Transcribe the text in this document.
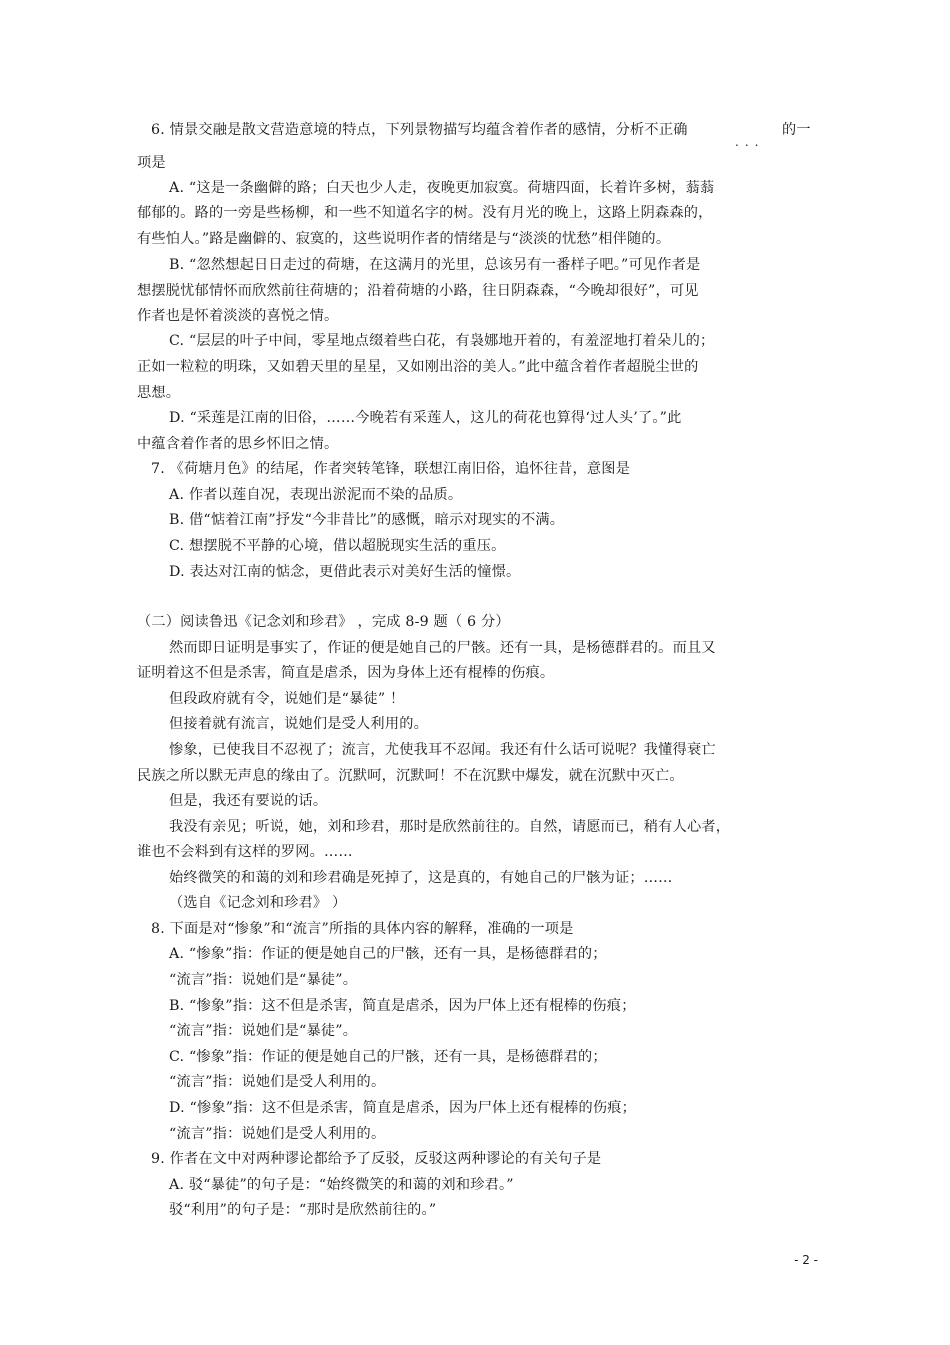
6. 情景交融是散文营造意境的特点，下列景物描写均蕴含着作者的感情，分析不正确
...
的一
项是
A. “这是一条幽僻的路；白天也少人走，夜晚更加寂寞。荷塘四面，长着许多树，蓊蓊
郁郁的。路的一旁是些杨柳，和一些不知道名字的树。没有月光的晚上，这路上阴森森的，
有些怕人。”路是幽僻的、寂寞的，这些说明作者的情绪是与“淡淡的忧愁”相伴随的。
B. “忽然想起日日走过的荷塘，在这满月的光里，总该另有一番样子吧。”可见作者是
想摆脱忧郁情怀而欣然前往荷塘的；沿着荷塘的小路，往日阴森森，“今晚却很好”，可见
作者也是怀着淡淡的喜悦之情。
C. “层层的叶子中间，零星地点缀着些白花，有袅娜地开着的，有羞涩地打着朵儿的；
正如一粒粒的明珠，又如碧天里的星星，又如刚出浴的美人。”此中蕴含着作者超脱尘世的
思想。
D. “采莲是江南的旧俗，……今晚若有采莲人，这儿的荷花也算得‘过人头’了。”此
中蕴含着作者的思乡怀旧之情。
7. 《荷塘月色》的结尾，作者突转笔锋，联想江南旧俗，追怀往昔，意图是
A. 作者以莲自况，表现出淤泥而不染的品质。
B. 借“惦着江南”抒发“今非昔比”的感慨，暗示对现实的不满。
C. 想摆脱不平静的心境，借以超脱现实生活的重压。
D. 表达对江南的惦念，更借此表示对美好生活的憧憬。
（二）阅读鲁迅《记念刘和珍君》 ，完成 8-9 题（ 6 分）
然而即日证明是事实了，作证的便是她自己的尸骸。还有一具，是杨德群君的。而且又
证明着这不但是杀害，简直是虐杀，因为身体上还有棍棒的伤痕。
但段政府就有令，说她们是“暴徒” ！
但接着就有流言，说她们是受人利用的。
惨象，已使我目不忍视了；流言，尤使我耳不忍闻。我还有什么话可说呢？我懂得衰亡
民族之所以默无声息的缘由了。沉默呵，沉默呵！不在沉默中爆发，就在沉默中灭亡。
但是，我还有要说的话。
我没有亲见；听说，她，刘和珍君，那时是欣然前往的。自然，请愿而已，稍有人心者，
谁也不会料到有这样的罗网。……
始终微笑的和蔼的刘和珍君确是死掉了，这是真的，有她自己的尸骸为证；……
（选自《记念刘和珍君》 ）
8. 下面是对“惨象”和“流言”所指的具体内容的解释，准确的一项是
A. “惨象”指：作证的便是她自己的尸骸，还有一具，是杨德群君的；
“流言”指：说她们是“暴徒”。
B. “惨象”指：这不但是杀害，简直是虐杀，因为尸体上还有棍棒的伤痕；
“流言”指：说她们是“暴徒”。
C. “惨象”指：作证的便是她自己的尸骸，还有一具，是杨德群君的；
“流言”指：说她们是受人利用的。
D. “惨象”指：这不但是杀害，简直是虐杀，因为尸体上还有棍棒的伤痕；
“流言”指：说她们是受人利用的。
9. 作者在文中对两种谬论都给予了反驳，反驳这两种谬论的有关句子是
A. 驳“暴徒”的句子是：“始终微笑的和蔼的刘和珍君。”
驳“利用”的句子是：“那时是欣然前往的。”
- 2 -
